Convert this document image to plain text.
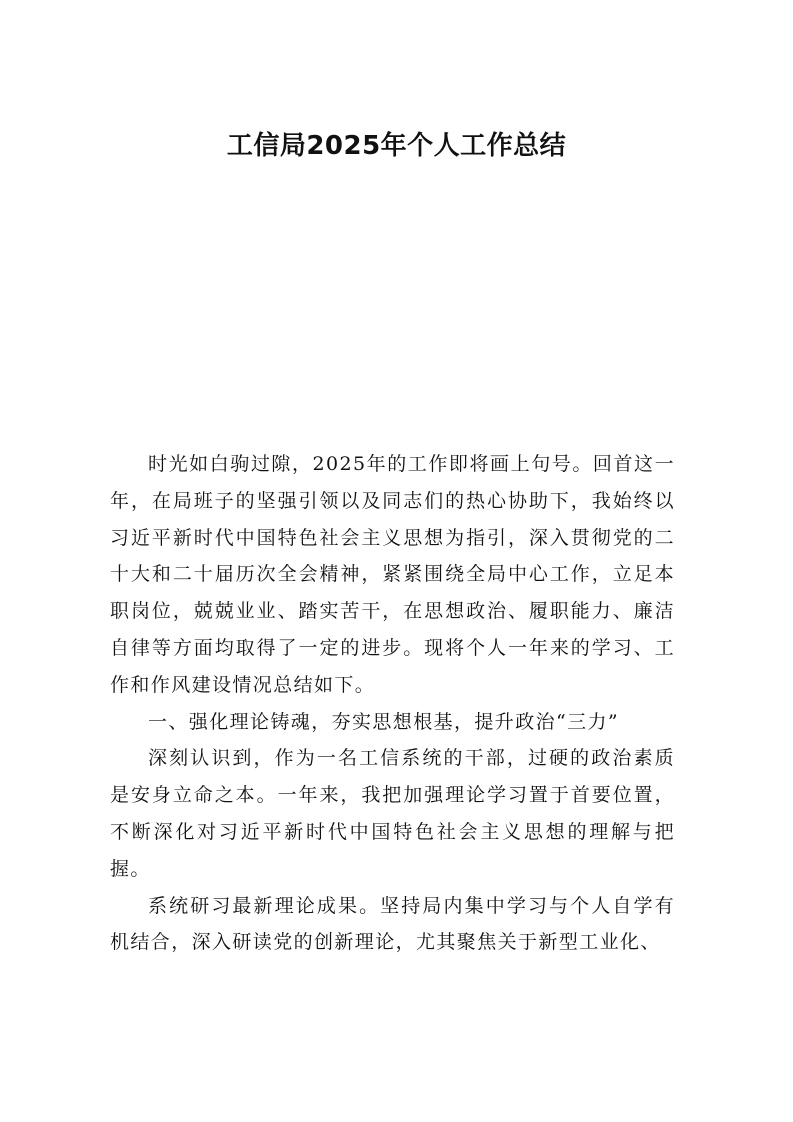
工信局2025年个人工作总结

时光如白驹过隙，2025年的工作即将画上句号。回首这一年，在局班子的坚强引领以及同志们的热心协助下，我始终以习近平新时代中国特色社会主义思想为指引，深入贯彻党的二十大和二十届历次全会精神，紧紧围绕全局中心工作，立足本职岗位，兢兢业业、踏实苦干，在思想政治、履职能力、廉洁自律等方面均取得了一定的进步。现将个人一年来的学习、工作和作风建设情况总结如下。

一、强化理论铸魂，夯实思想根基，提升政治“三力”

深刻认识到，作为一名工信系统的干部，过硬的政治素质是安身立命之本。一年来，我把加强理论学习置于首要位置，不断深化对习近平新时代中国特色社会主义思想的理解与把握。

系统研习最新理论成果。坚持局内集中学习与个人自学有机结合，深入研读党的创新理论，尤其聚焦关于新型工业化、
